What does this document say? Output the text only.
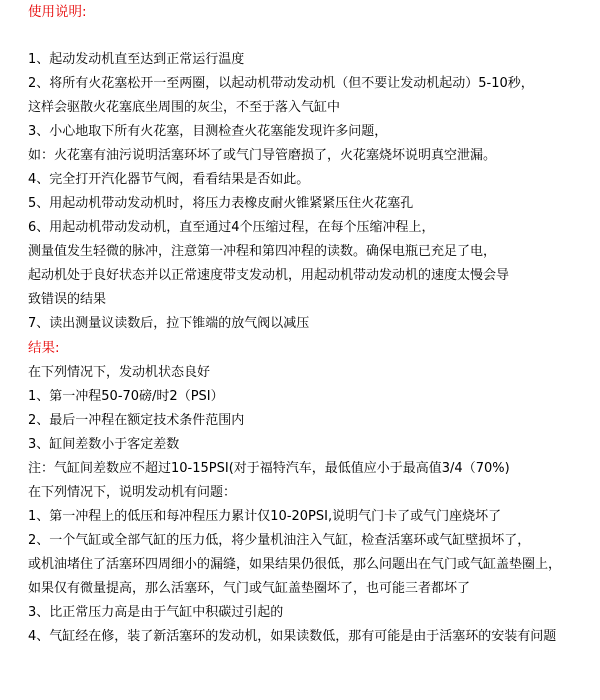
使用说明:
1、起动发动机直至达到正常运行温度
2、将所有火花塞松开一至两圈，以起动机带动发动机（但不要让发动机起动）5-10秒，
这样会驱散火花塞底坐周围的灰尘，不至于落入气缸中
3、小心地取下所有火花塞，目测检查火花塞能发现许多问题，
如：火花塞有油污说明活塞环坏了或气门导管磨损了，火花塞烧坏说明真空泄漏。
4、完全打开汽化器节气阀，看看结果是否如此。
5、用起动机带动发动机时，将压力表橡皮耐火锥紧紧压住火花塞孔
6、用起动机带动发动机，直至通过4个压缩过程，在每个压缩冲程上，
测量值发生轻微的脉冲，注意第一冲程和第四冲程的读数。确保电瓶已充足了电，
起动机处于良好状态并以正常速度带支发动机，用起动机带动发动机的速度太慢会导
致错误的结果
7、读出测量议读数后，拉下锥端的放气阀以减压
结果:
在下列情况下，发动机状态良好
1、第一冲程50-70磅/时2（PSI）
2、最后一冲程在额定技术条件范围内
3、缸间差数小于客定差数
注：气缸间差数应不超过10-15PSI(对于福特汽车，最低值应小于最高值3/4（70%)
在下列情况下，说明发动机有问题：
1、第一冲程上的低压和每冲程压力累计仅10-20PSI,说明气门卡了或气门座烧坏了
2、一个气缸或全部气缸的压力低，将少量机油注入气缸，检查活塞环或气缸壁损坏了，
或机油堵住了活塞环四周细小的漏缝，如果结果仍很低，那么问题出在气门或气缸盖垫圈上，
如果仅有微量提高，那么活塞环，气门或气缸盖垫圈坏了，也可能三者都坏了
3、比正常压力高是由于气缸中积碳过引起的
4、气缸经在修，装了新活塞环的发动机，如果读数低，那有可能是由于活塞环的安装有问题
